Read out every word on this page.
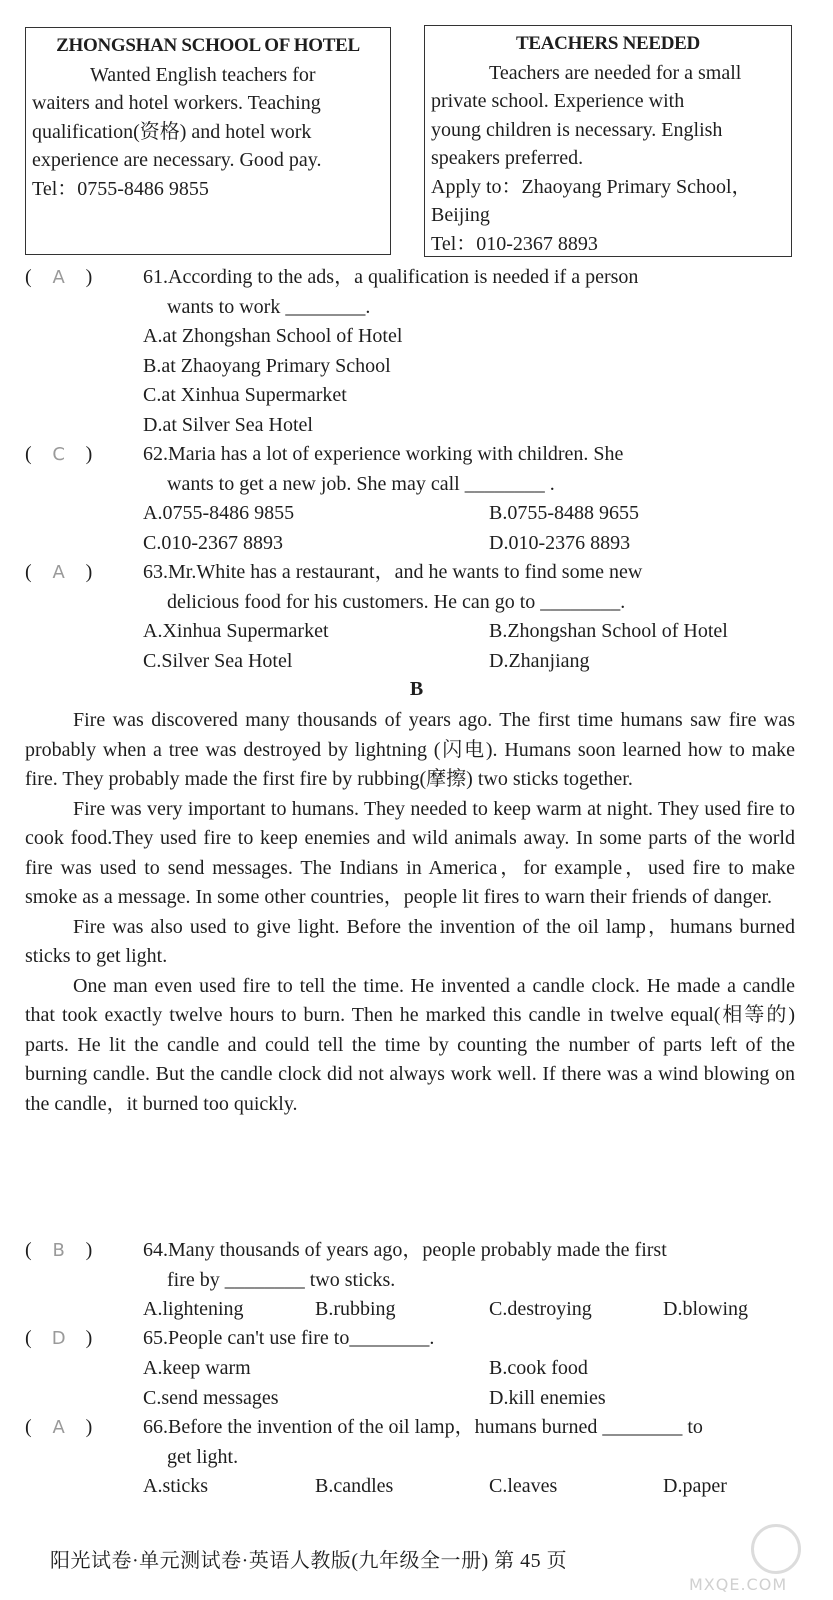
ZHONGSHAN SCHOOL OF HOTEL
Wanted English teachers for
waiters and hotel workers. Teaching
qualification(资格) and hotel work
experience are necessary. Good pay.
Tel：0755-8486 9855
TEACHERS NEEDED
Teachers are needed for a small
private school. Experience with
young children is necessary. English
speakers preferred.
Apply to：Zhaoyang Primary School，
Beijing
Tel：010-2367 8893
( A )	61.According to the ads，a qualification is needed if a person
wants to work ________.
A.at Zhongshan School of Hotel
B.at Zhaoyang Primary School
C.at Xinhua Supermarket
D.at Silver Sea Hotel
( C )	62.Maria has a lot of experience working with children. She
wants to get a new job. She may call ________ .
A.0755-8486 9855	B.0755-8488 9655
C.010-2367 8893	D.010-2376 8893
( A )	63.Mr.White has a restaurant，and he wants to find some new
delicious food for his customers. He can go to ________.
A.Xinhua Supermarket	B.Zhongshan School of Hotel
C.Silver Sea Hotel	D.Zhanjiang
B

Fire was discovered many thousands of years ago. The first time humans saw fire was probably when a tree was destroyed by lightning (闪电). Humans soon learned how to make fire. They probably made the first fire by rubbing(摩擦) two sticks together.

Fire was very important to humans. They needed to keep warm at night. They used fire to cook food.They used fire to keep enemies and wild animals away. In some parts of the world fire was used to send messages. The Indians in America，for example，used fire to make smoke as a message. In some other countries，people lit fires to warn their friends of danger.

Fire was also used to give light. Before the invention of the oil lamp，humans burned sticks to get light.

One man even used fire to tell the time. He invented a candle clock. He made a candle that took exactly twelve hours to burn. Then he marked this candle in twelve equal(相等的) parts. He lit the candle and could tell the time by counting the number of parts left of the burning candle. But the candle clock did not always work well. If there was a wind blowing on the candle，it burned too quickly.

( B )	64.Many thousands of years ago，people probably made the first
fire by ________ two sticks.
A.lightening	B.rubbing	C.destroying	D.blowing
( D )	65.People can't use fire to________.
A.keep warm	B.cook food
C.send messages	D.kill enemies
( A )	66.Before the invention of the oil lamp，humans burned ________ to
get light.
A.sticks	B.candles	C.leaves	D.paper
阳光试卷·单元测试卷·英语人教版(九年级全一册) 第 45 页
MXQE.COM
